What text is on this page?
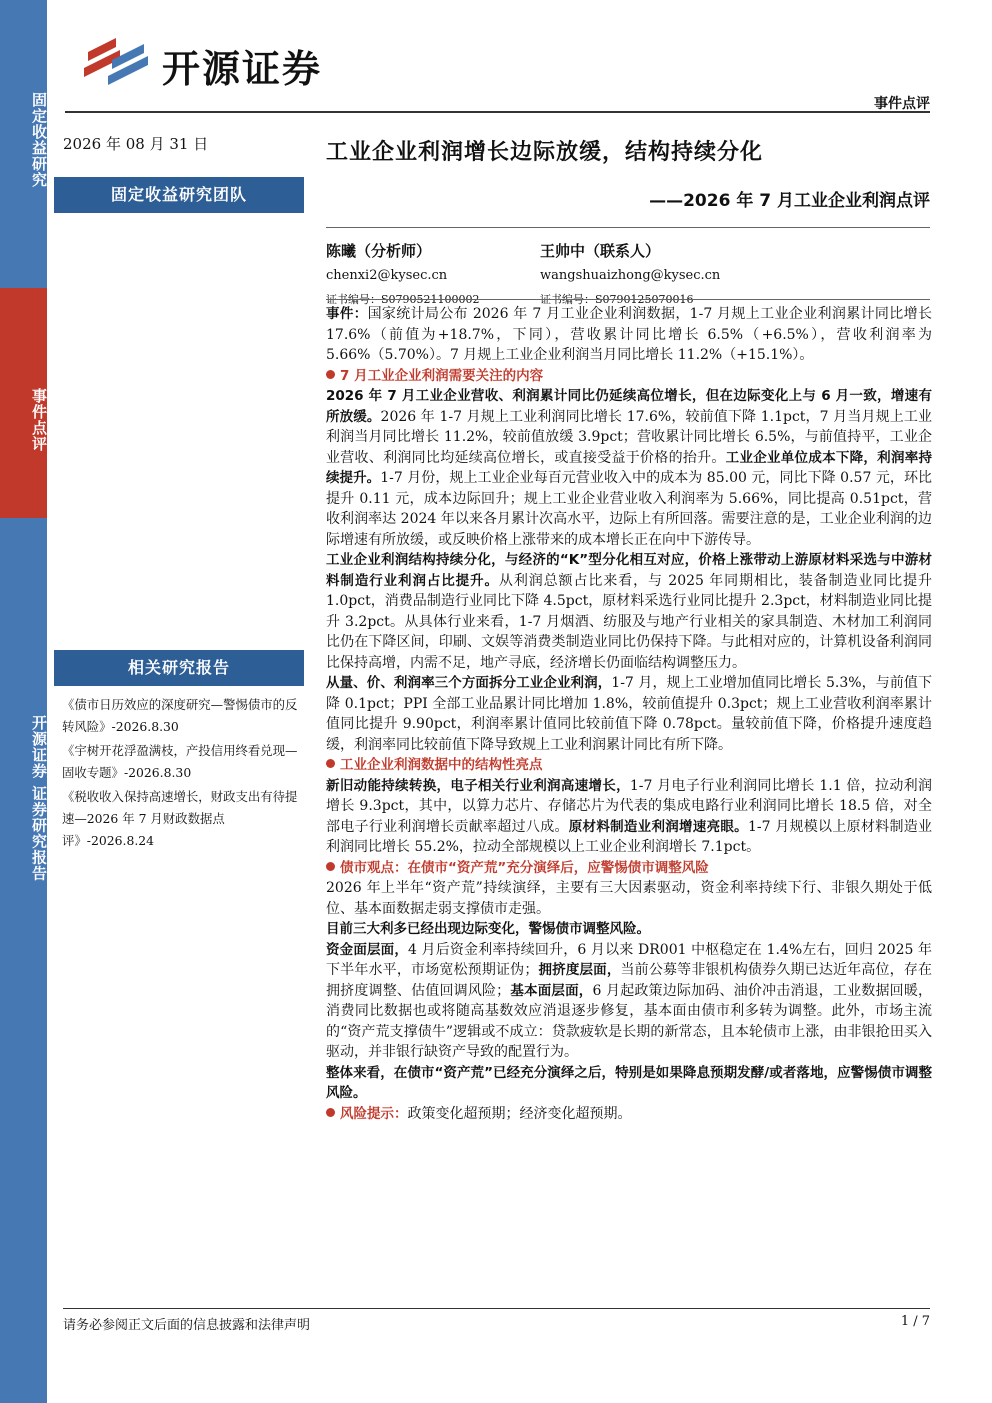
固定收益研究
事件点评
开源证券 证券研究报告
开源证券
事件点评
2026 年 08 月 31 日
固定收益研究团队
相关研究报告

《债市日历效应的深度研究—警惕债市的反转风险》-2026.8.30

《宇树开花浮盈满枝，产投信用终看兑现—固收专题》-2026.8.30

《税收收入保持高速增长，财政支出有待提速—2026 年 7 月财政数据点评》-2026.8.24

工业企业利润增长边际放缓，结构持续分化
——2026 年 7 月工业企业利润点评
陈曦（分析师）
chenxi2@kysec.cn
证书编号：S0790521100002
王帅中（联系人）
wangshuaizhong@kysec.cn
证书编号：S0790125070016

事件：国家统计局公布 2026 年 7 月工业企业利润数据，1-7 月规上工业企业利润累计同比增长 17.6%（前值为+18.7%，下同），营收累计同比增长 6.5%（+6.5%），营收利润率为 5.66%（5.70%）。7 月规上工业企业利润当月同比增长 11.2%（+15.1%）。

7 月工业企业利润需要关注的内容

2026 年 7 月工业企业营收、利润累计同比仍延续高位增长，但在边际变化上与 6 月一致，增速有所放缓。2026 年 1-7 月规上工业利润同比增长 17.6%，较前值下降 1.1pct，7 月当月规上工业利润当月同比增长 11.2%，较前值放缓 3.9pct；营收累计同比增长 6.5%，与前值持平，工业企业营收、利润同比均延续高位增长，或直接受益于价格的抬升。工业企业单位成本下降，利润率持续提升。1-7 月份，规上工业企业每百元营业收入中的成本为 85.00 元，同比下降 0.57 元，环比提升 0.11 元，成本边际回升；规上工业企业营业收入利润率为 5.66%，同比提高 0.51pct，营收利润率达 2024 年以来各月累计次高水平，边际上有所回落。需要注意的是，工业企业利润的边际增速有所放缓，或反映价格上涨带来的成本增长正在向中下游传导。

工业企业利润结构持续分化，与经济的“K”型分化相互对应，价格上涨带动上游原材料采选与中游材料制造行业利润占比提升。从利润总额占比来看，与 2025 年同期相比，装备制造业同比提升 1.0pct，消费品制造行业同比下降 4.5pct，原材料采选行业同比提升 2.3pct，材料制造业同比提升 3.2pct。从具体行业来看，1-7 月烟酒、纺服及与地产行业相关的家具制造、木材加工利润同比仍在下降区间，印刷、文娱等消费类制造业同比仍保持下降。与此相对应的，计算机设备利润同比保持高增，内需不足，地产寻底，经济增长仍面临结构调整压力。

从量、价、利润率三个方面拆分工业企业利润，1-7 月，规上工业增加值同比增长 5.3%，与前值下降 0.1pct；PPI 全部工业品累计同比增加 1.8%，较前值提升 0.3pct；规上工业营收利润率累计值同比提升 9.90pct，利润率累计值同比较前值下降 0.78pct。量较前值下降，价格提升速度趋缓，利润率同比较前值下降导致规上工业利润累计同比有所下降。

工业企业利润数据中的结构性亮点

新旧动能持续转换，电子相关行业利润高速增长，1-7 月电子行业利润同比增长 1.1 倍，拉动利润增长 9.3pct，其中，以算力芯片、存储芯片为代表的集成电路行业利润同比增长 18.5 倍，对全部电子行业利润增长贡献率超过八成。原材料制造业利润增速亮眼。1-7 月规模以上原材料制造业利润同比增长 55.2%，拉动全部规模以上工业企业利润增长 7.1pct。

债市观点：在债市“资产荒”充分演绎后，应警惕债市调整风险

2026 年上半年“资产荒”持续演绎，主要有三大因素驱动，资金利率持续下行、非银久期处于低位、基本面数据走弱支撑债市走强。

目前三大利多已经出现边际变化，警惕债市调整风险。

资金面层面，4 月后资金利率持续回升，6 月以来 DR001 中枢稳定在 1.4%左右，回归 2025 年下半年水平，市场宽松预期证伪；拥挤度层面，当前公募等非银机构债券久期已达近年高位，存在拥挤度调整、估值回调风险；基本面层面，6 月起政策边际加码、油价冲击消退，工业数据回暖，消费同比数据也或将随高基数效应消退逐步修复，基本面由债市利多转为调整。此外，市场主流的“资产荒支撑债牛”逻辑或不成立：贷款疲软是长期的新常态，且本轮债市上涨，由非银抢田买入驱动，并非银行缺资产导致的配置行为。

整体来看，在债市“资产荒”已经充分演绎之后，特别是如果降息预期发酵/或者落地，应警惕债市调整风险。

风险提示：政策变化超预期；经济变化超预期。

请务必参阅正文后面的信息披露和法律声明	1 / 7
